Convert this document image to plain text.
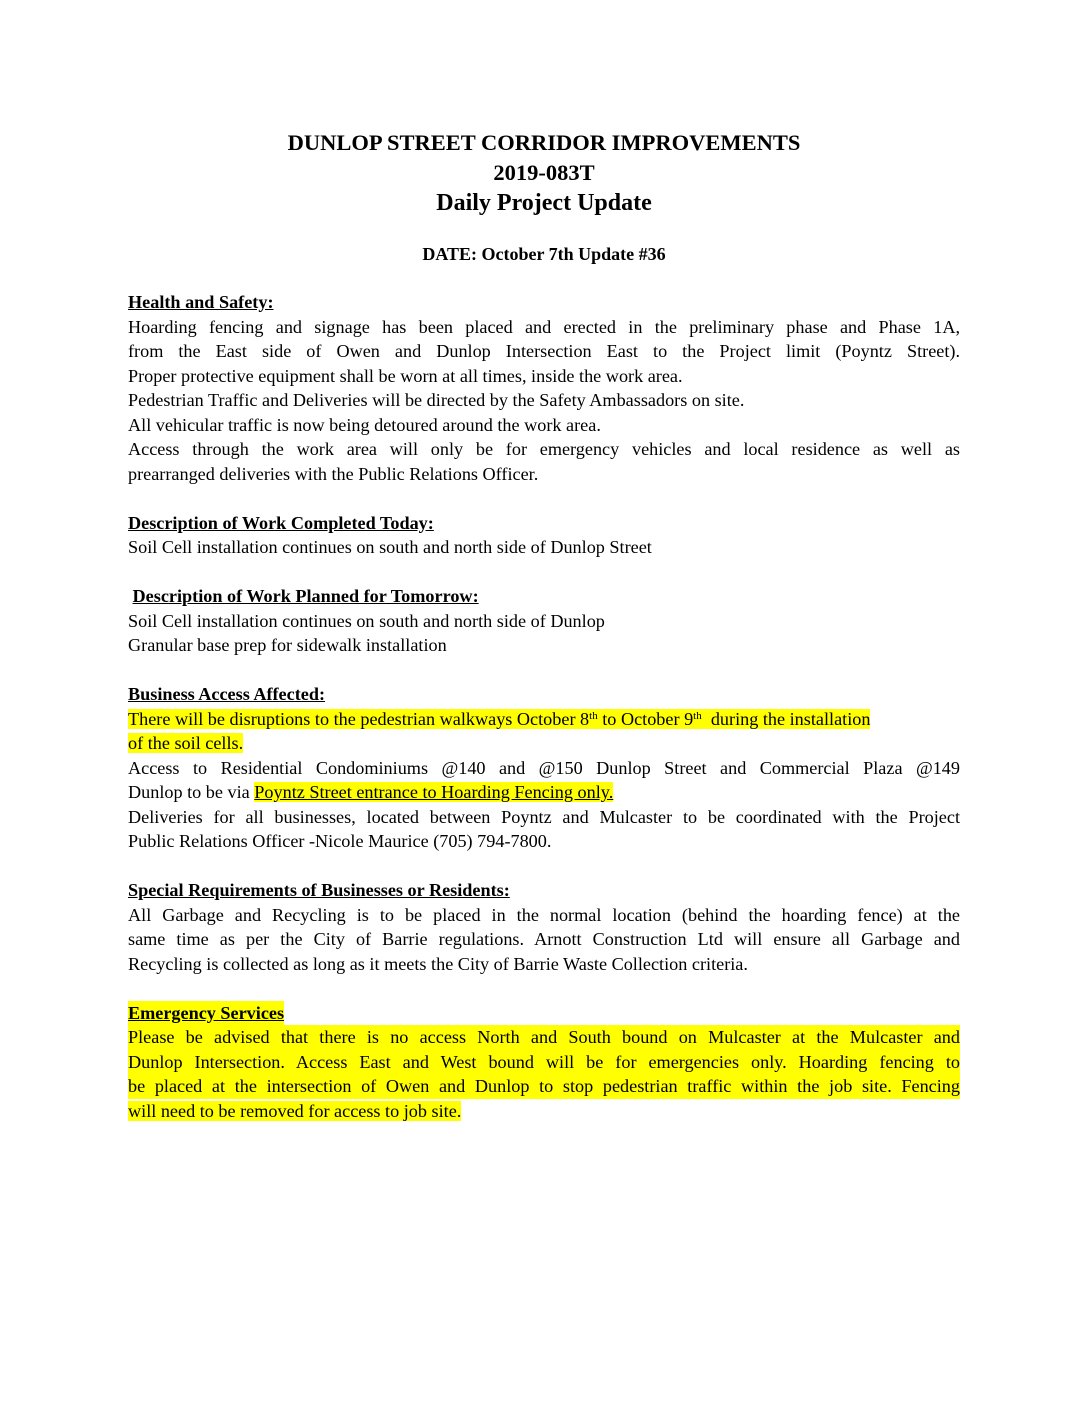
DUNLOP STREET CORRIDOR IMPROVEMENTS
2019-083T
Daily Project Update
DATE: October 7th Update #36
Health and Safety:
Hoarding fencing and signage has been placed and erected in the preliminary phase and Phase 1A,
from the East side of Owen and Dunlop Intersection East to the Project limit (Poyntz Street).
Proper protective equipment shall be worn at all times, inside the work area.
Pedestrian Traffic and Deliveries will be directed by the Safety Ambassadors on site.
All vehicular traffic is now being detoured around the work area.
Access through the work area will only be for emergency vehicles and local residence as well as
prearranged deliveries with the Public Relations Officer.
Description of Work Completed Today:
Soil Cell installation continues on south and north side of Dunlop Street
Description of Work Planned for Tomorrow:
Soil Cell installation continues on south and north side of Dunlop
Granular base prep for sidewalk installation
Business Access Affected:
There will be disruptions to the pedestrian walkways October 8th to October 9th  during the installation
of the soil cells.
Access to Residential Condominiums @140 and @150 Dunlop Street and Commercial Plaza @149
Dunlop to be via Poyntz Street entrance to Hoarding Fencing only.
Deliveries for all businesses, located between Poyntz and Mulcaster to be coordinated with the Project
Public Relations Officer -Nicole Maurice (705) 794-7800.
Special Requirements of Businesses or Residents:
All Garbage and Recycling is to be placed in the normal location (behind the hoarding fence) at the
same time as per the City of Barrie regulations. Arnott Construction Ltd will ensure all Garbage and
Recycling is collected as long as it meets the City of Barrie Waste Collection criteria.
Emergency Services
Please be advised that there is no access North and South bound on Mulcaster at the Mulcaster and
Dunlop Intersection. Access East and West bound will be for emergencies only. Hoarding fencing to
be placed at the intersection of Owen and Dunlop to stop pedestrian traffic within the job site. Fencing
will need to be removed for access to job site.
